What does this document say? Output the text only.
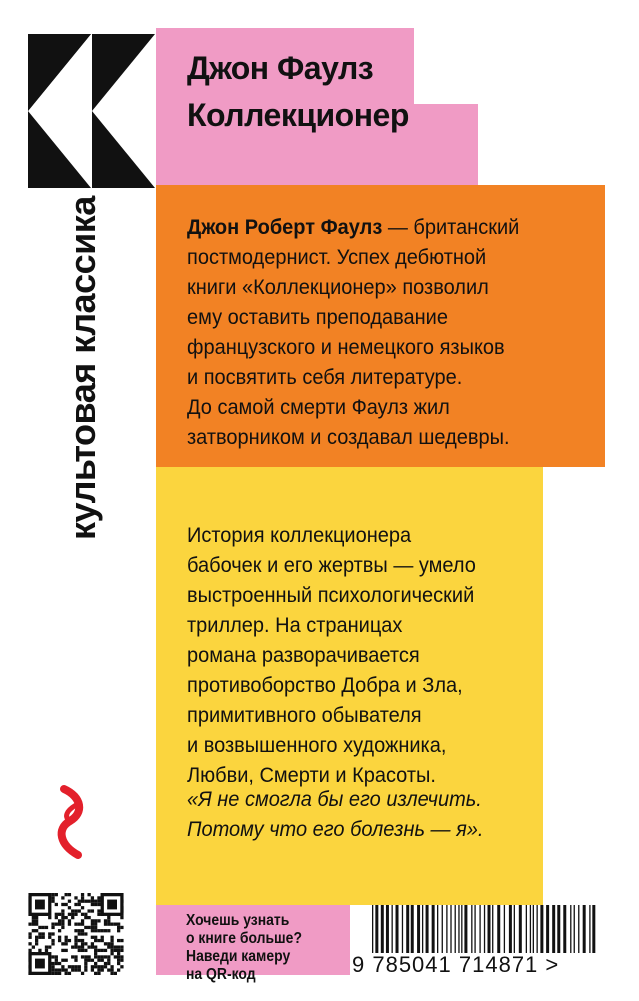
Джон Фаулз
Коллекционер
культовая классика	Джон Роберт Фаулз — британский
постмодернист. Успех дебютной
книги «Коллекционер» позволил
ему оставить преподавание
французского и немецкого языков
и посвятить себя литературе.
До самой смерти Фаулз жил
затворником и создавал шедевры.
История коллекционера
бабочек и его жертвы — умело
выстроенный психологический
триллер. На страницах
романа разворачивается
противоборство Добра и Зла,
примитивного обывателя
и возвышенного художника,
Любви, Смерти и Красоты.
«Я не смогла бы его излечить.
Потому что его болезнь — я».
Хочешь узнать
о книге больше?
Наведи камеру
на QR-код	9 785041 714871 >
